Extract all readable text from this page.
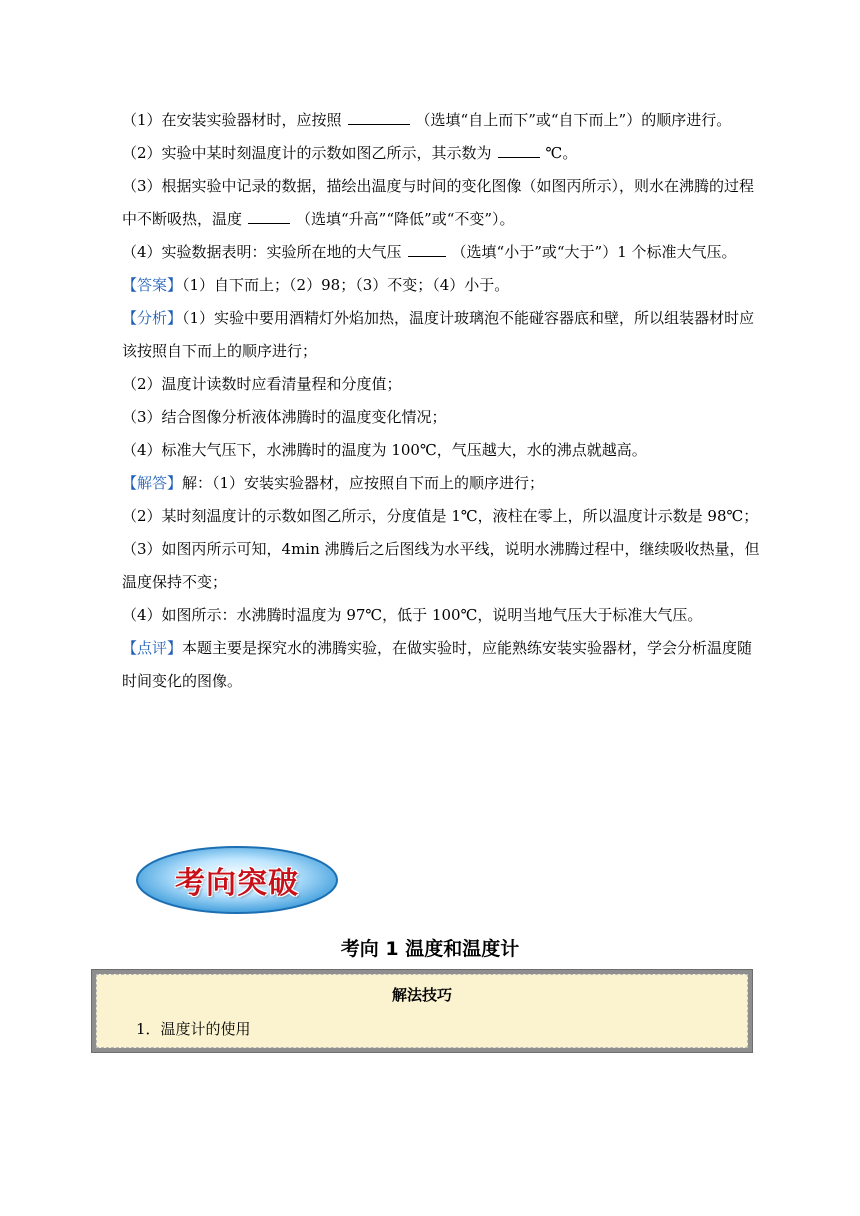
（1）在安装实验器材时，应按照	（选填“自上而下”或“自下而上”）的顺序进行。

（2）实验中某时刻温度计的示数如图乙所示，其示数为	℃。

（3）根据实验中记录的数据，描绘出温度与时间的变化图像（如图丙所示），则水在沸腾的过程中不断吸热，温度	（选填“升高”“降低”或“不变”）。

（4）实验数据表明：实验所在地的大气压	（选填“小于”或“大于”）1 个标准大气压。

【答案】（1）自下而上；（2）98；（3）不变；（4）小于。

【分析】（1）实验中要用酒精灯外焰加热，温度计玻璃泡不能碰容器底和壁，所以组装器材时应该按照自下而上的顺序进行；

（2）温度计读数时应看清量程和分度值；

（3）结合图像分析液体沸腾时的温度变化情况；

（4）标准大气压下，水沸腾时的温度为 100℃，气压越大，水的沸点就越高。

【解答】解：（1）安装实验器材，应按照自下而上的顺序进行；

（2）某时刻温度计的示数如图乙所示，分度值是 1℃，液柱在零上，所以温度计示数是 98℃；

（3）如图丙所示可知，4min 沸腾后之后图线为水平线，说明水沸腾过程中，继续吸收热量，但温度保持不变；

（4）如图所示：水沸腾时温度为 97℃，低于 100℃，说明当地气压大于标准大气压。

【点评】本题主要是探究水的沸腾实验，在做实验时，应能熟练安装实验器材，学会分析温度随时间变化的图像。

考向突破
考向 1 温度和温度计
解法技巧
1．温度计的使用
